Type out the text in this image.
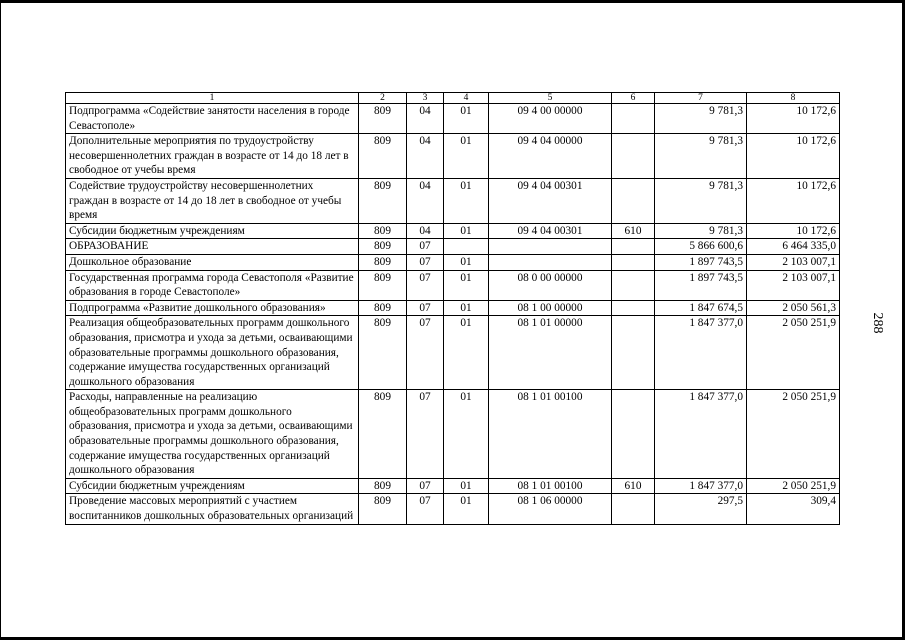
1	2	3	4	5	6	7	8
Подпрограмма «Содействие занятости населения в городе Севастополе»	809	04	01	09 4 00 00000		9 781,3	10 172,6
Дополнительные мероприятия по трудоустройству несовершеннолетних граждан в возрасте от 14 до 18 лет в свободное от учебы время	809	04	01	09 4 04 00000		9 781,3	10 172,6
Содействие трудоустройству несовершеннолетних граждан в возрасте от 14 до 18 лет в свободное от учебы время	809	04	01	09 4 04 00301		9 781,3	10 172,6
Субсидии бюджетным учреждениям	809	04	01	09 4 04 00301	610	9 781,3	10 172,6
ОБРАЗОВАНИЕ	809	07				5 866 600,6	6 464 335,0
Дошкольное образование	809	07	01			1 897 743,5	2 103 007,1
Государственная программа города Севастополя «Развитие образования в городе Севастополе»	809	07	01	08 0 00 00000		1 897 743,5	2 103 007,1
Подпрограмма «Развитие дошкольного образования»	809	07	01	08 1 00 00000		1 847 674,5	2 050 561,3
Реализация общеобразовательных программ дошкольного образования, присмотра и ухода за детьми, осваивающими образовательные программы дошкольного образования, содержание имущества государственных организаций дошкольного образования	809	07	01	08 1 01 00000		1 847 377,0	2 050 251,9
Расходы, направленные на реализацию общеобразовательных программ дошкольного образования, присмотра и ухода за детьми, осваивающими образовательные программы дошкольного образования, содержание имущества государственных организаций дошкольного образования	809	07	01	08 1 01 00100		1 847 377,0	2 050 251,9
Субсидии бюджетным учреждениям	809	07	01	08 1 01 00100	610	1 847 377,0	2 050 251,9
Проведение массовых мероприятий с участием воспитанников дошкольных образовательных организаций	809	07	01	08 1 06 00000		297,5	309,4
288
